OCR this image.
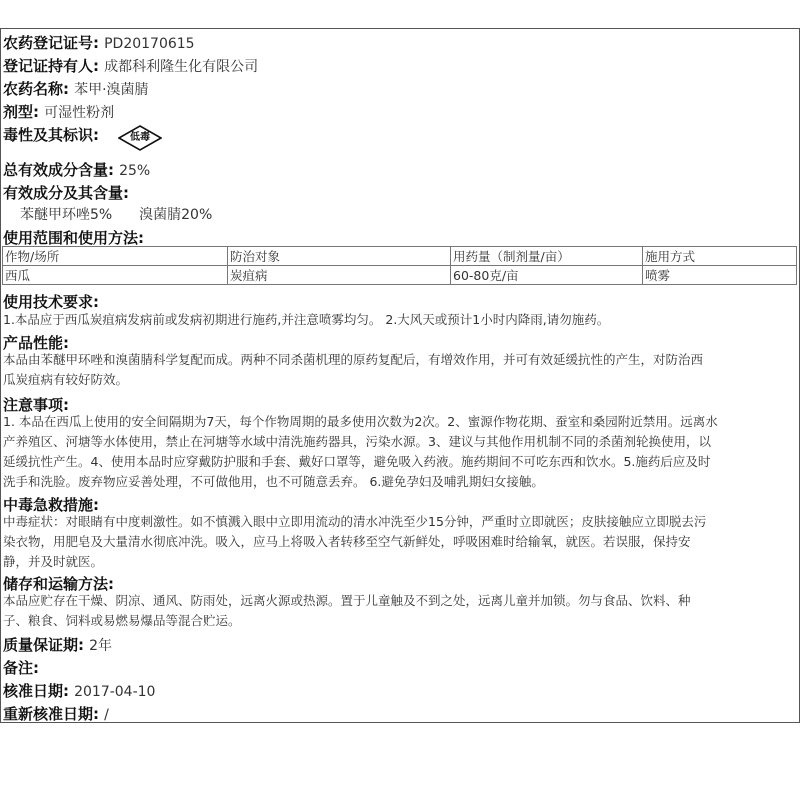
农药登记证号: PD20170615
登记证持有人: 成都科利隆生化有限公司
农药名称: 苯甲·溴菌腈
剂型: 可湿性粉剂
毒性及其标识:	低毒
总有效成分含量: 25%
有效成分及其含量:
苯醚甲环唑5% 溴菌腈20%
使用范围和使用方法:
作物/场所	防治对象	用药量（制剂量/亩）	施用方式
西瓜	炭疽病	60-80克/亩	喷雾
使用技术要求:
1.本品应于西瓜炭疽病发病前或发病初期进行施药,并注意喷雾均匀。 2.大风天或预计1小时内降雨,请勿施药。
产品性能:
本品由苯醚甲环唑和溴菌腈科学复配而成。两种不同杀菌机理的原药复配后，有增效作用，并可有效延缓抗性的产生，对防治西
瓜炭疽病有较好防效。
注意事项:
1. 本品在西瓜上使用的安全间隔期为7天，每个作物周期的最多使用次数为2次。2、蜜源作物花期、蚕室和桑园附近禁用。远离水
产养殖区、河塘等水体使用，禁止在河塘等水域中清洗施药器具，污染水源。3、建议与其他作用机制不同的杀菌剂轮换使用，以
延缓抗性产生。4、使用本品时应穿戴防护服和手套、戴好口罩等，避免吸入药液。施药期间不可吃东西和饮水。5.施药后应及时
洗手和洗脸。废弃物应妥善处理，不可做他用，也不可随意丢弃。 6.避免孕妇及哺乳期妇女接触。
中毒急救措施:
中毒症状：对眼睛有中度刺激性。如不慎溅入眼中立即用流动的清水冲洗至少15分钟，严重时立即就医；皮肤接触应立即脱去污
染衣物，用肥皂及大量清水彻底冲洗。吸入，应马上将吸入者转移至空气新鲜处，呼吸困难时给输氧，就医。若误服，保持安
静，并及时就医。
储存和运输方法:
本品应贮存在干燥、阴凉、通风、防雨处，远离火源或热源。置于儿童触及不到之处，远离儿童并加锁。勿与食品、饮料、种
子、粮食、饲料或易燃易爆品等混合贮运。
质量保证期: 2年
备注:
核准日期: 2017-04-10
重新核准日期: /
